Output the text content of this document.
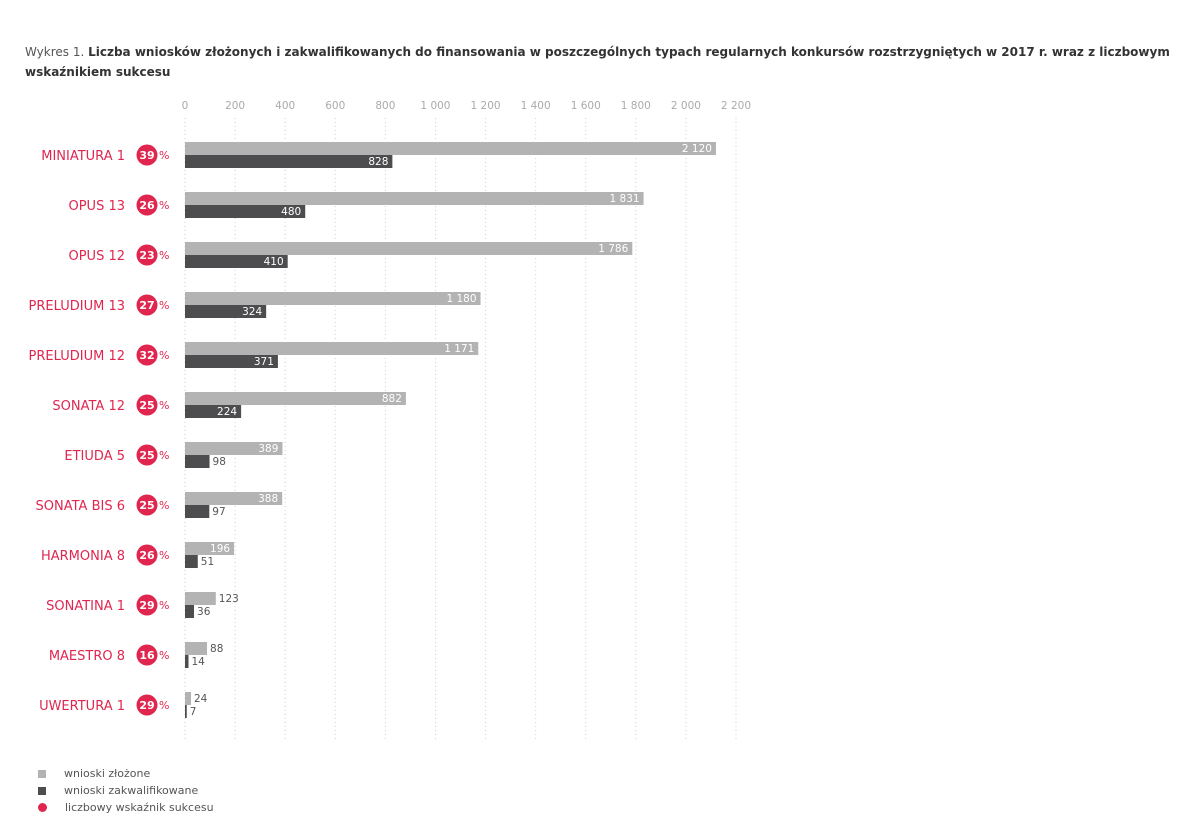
Wykres 1. Liczba wniosków złożonych i zakwalifikowanych do finansowania w poszczególnych typach regularnych konkursów rozstrzygniętych w 2017 r. wraz z liczbowym wskaźnikiem sukcesu
0	200	400	600	800 1 000 1 200 1 400 1 600 1 800 2 000 2 200
2 120
828
1 831
480
1 786
410
1 180
324
1 171
371
882
224
389
98
388
97
196
51
123
36
88
14
24
7
MINIATURA 1 39 %
OPUS 13 26 %
OPUS 12 23 %
PRELUDIUM 13 27 %
PRELUDIUM 12 32 %
SONATA 12 25 %
ETIUDA 5 25 %
SONATA BIS 6 25 %
HARMONIA 8 26 %
SONATINA 1 29 %
MAESTRO 8 16 %
UWERTURA 1 29 %
wnioski złożone
wnioski zakwalifikowane
liczbowy wskaźnik sukcesu
